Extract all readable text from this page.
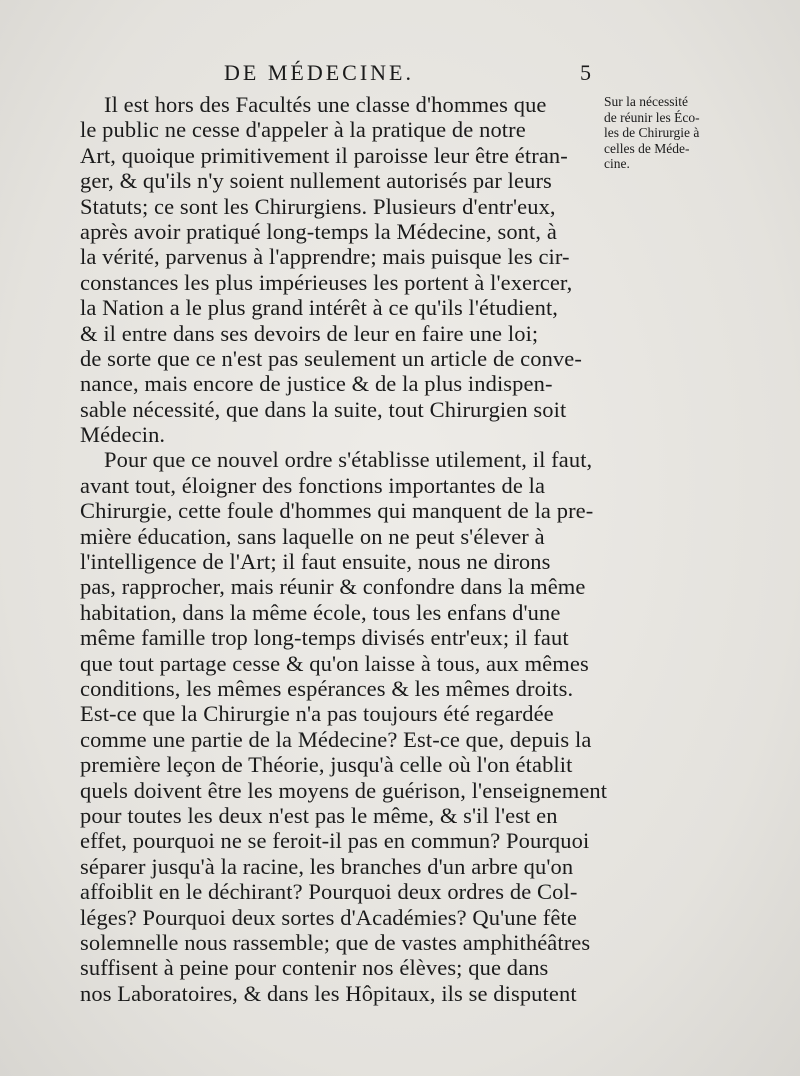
DE MÉDECINE.	5
Sur la nécessité
de réunir les Éco-
les de Chirurgie à
celles de Méde-
cine.
Il est hors des Facultés une classe d'hommes que
le public ne cesse d'appeler à la pratique de notre
Art, quoique primitivement il paroisse leur être étran-
ger, & qu'ils n'y soient nullement autorisés par leurs
Statuts; ce sont les Chirurgiens. Plusieurs d'entr'eux,
après avoir pratiqué long-temps la Médecine, sont, à
la vérité, parvenus à l'apprendre; mais puisque les cir-
constances les plus impérieuses les portent à l'exercer,
la Nation a le plus grand intérêt à ce qu'ils l'étudient,
& il entre dans ses devoirs de leur en faire une loi;
de sorte que ce n'est pas seulement un article de conve-
nance, mais encore de justice & de la plus indispen-
sable nécessité, que dans la suite, tout Chirurgien soit
Médecin.
Pour que ce nouvel ordre s'établisse utilement, il faut,
avant tout, éloigner des fonctions importantes de la
Chirurgie, cette foule d'hommes qui manquent de la pre-
mière éducation, sans laquelle on ne peut s'élever à
l'intelligence de l'Art; il faut ensuite, nous ne dirons
pas, rapprocher, mais réunir & confondre dans la même
habitation, dans la même école, tous les enfans d'une
même famille trop long-temps divisés entr'eux; il faut
que tout partage cesse & qu'on laisse à tous, aux mêmes
conditions, les mêmes espérances & les mêmes droits.
Est-ce que la Chirurgie n'a pas toujours été regardée
comme une partie de la Médecine? Est-ce que, depuis la
première leçon de Théorie, jusqu'à celle où l'on établit
quels doivent être les moyens de guérison, l'enseignement
pour toutes les deux n'est pas le même, & s'il l'est en
effet, pourquoi ne se feroit-il pas en commun? Pourquoi
séparer jusqu'à la racine, les branches d'un arbre qu'on
affoiblit en le déchirant? Pourquoi deux ordres de Col-
léges? Pourquoi deux sortes d'Académies? Qu'une fête
solemnelle nous rassemble; que de vastes amphithéâtres
suffisent à peine pour contenir nos élèves; que dans
nos Laboratoires, & dans les Hôpitaux, ils se disputent
